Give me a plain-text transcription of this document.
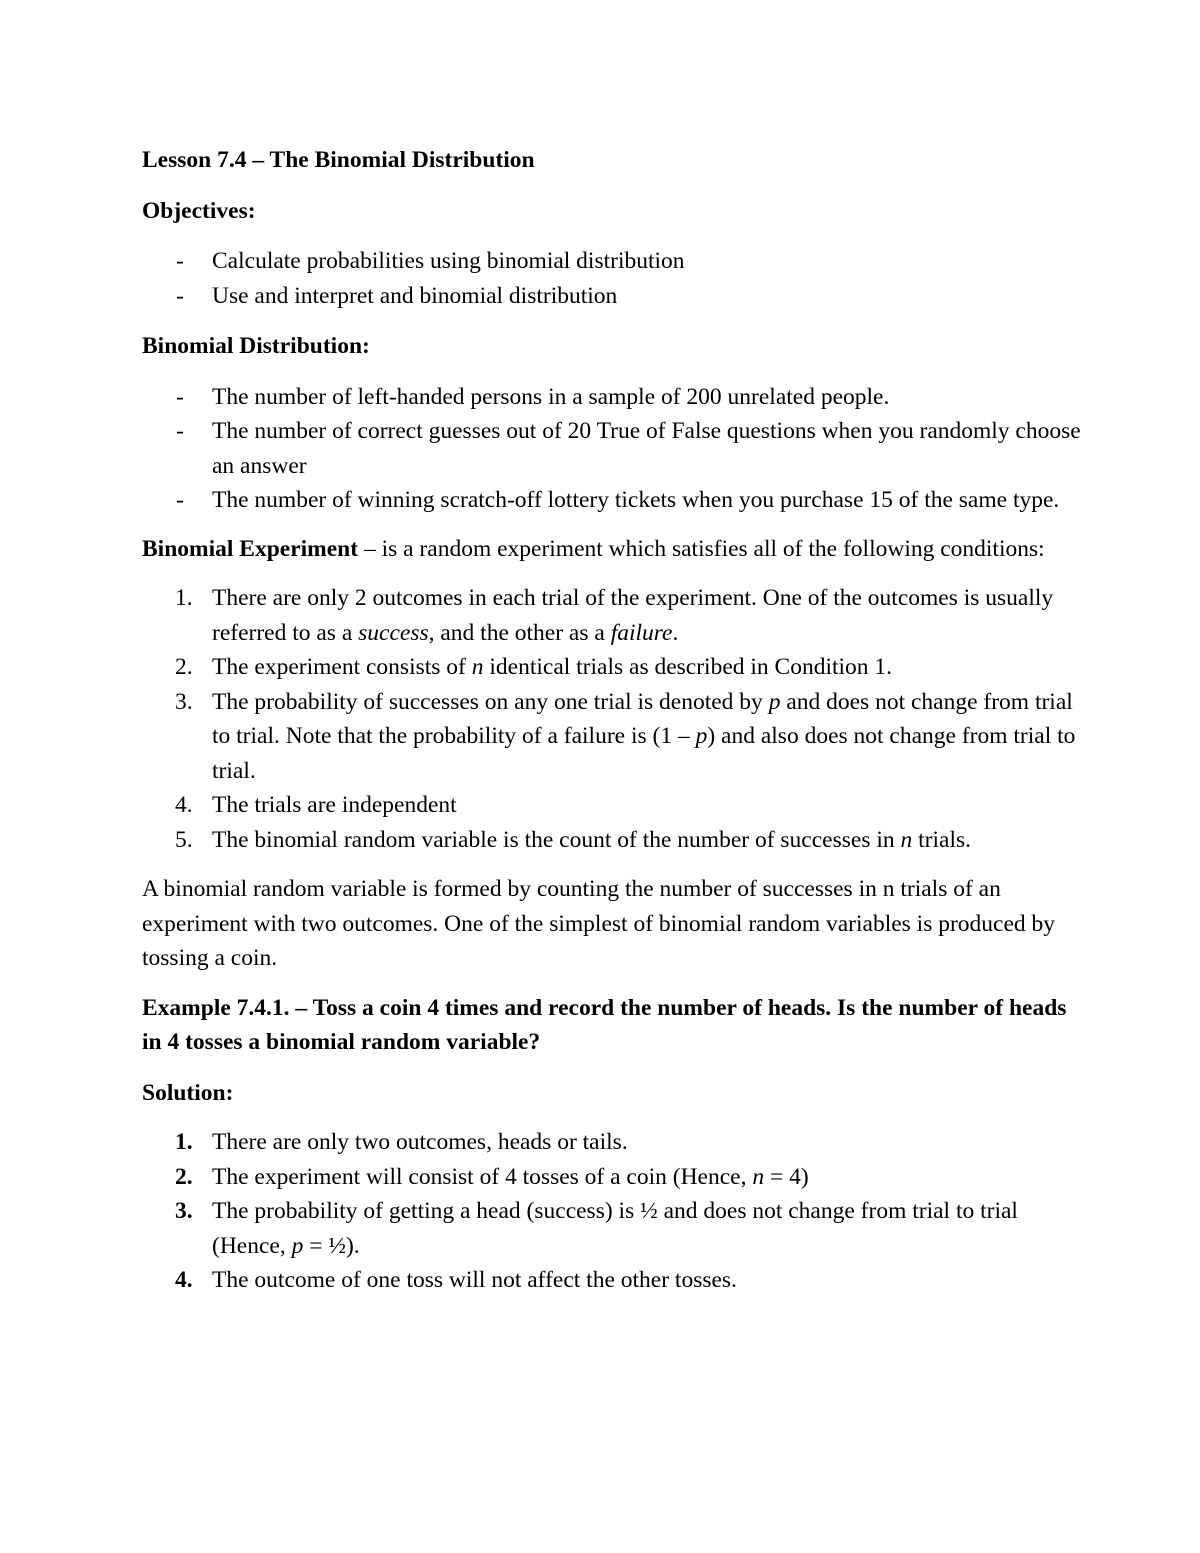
Lesson 7.4 – The Binomial Distribution

Objectives:

- Calculate probabilities using binomial distribution
- Use and interpret and binomial distribution

Binomial Distribution:

- The number of left-handed persons in a sample of 200 unrelated people.
- The number of correct guesses out of 20 True of False questions when you randomly choose an answer
- The number of winning scratch-off lottery tickets when you purchase 15 of the same type.

Binomial Experiment – is a random experiment which satisfies all of the following conditions:

1. There are only 2 outcomes in each trial of the experiment. One of the outcomes is usually referred to as a success, and the other as a failure.
2. The experiment consists of n identical trials as described in Condition 1.
3. The probability of successes on any one trial is denoted by p and does not change from trial to trial. Note that the probability of a failure is (1 – p) and also does not change from trial to trial.
4. The trials are independent
5. The binomial random variable is the count of the number of successes in n trials.

A binomial random variable is formed by counting the number of successes in n trials of an experiment with two outcomes. One of the simplest of binomial random variables is produced by tossing a coin.

Example 7.4.1. – Toss a coin 4 times and record the number of heads. Is the number of heads in 4 tosses a binomial random variable?

Solution:

1. There are only two outcomes, heads or tails.
2. The experiment will consist of 4 tosses of a coin (Hence, n = 4)
3. The probability of getting a head (success) is ½ and does not change from trial to trial (Hence, p = ½).
4. The outcome of one toss will not affect the other tosses.
